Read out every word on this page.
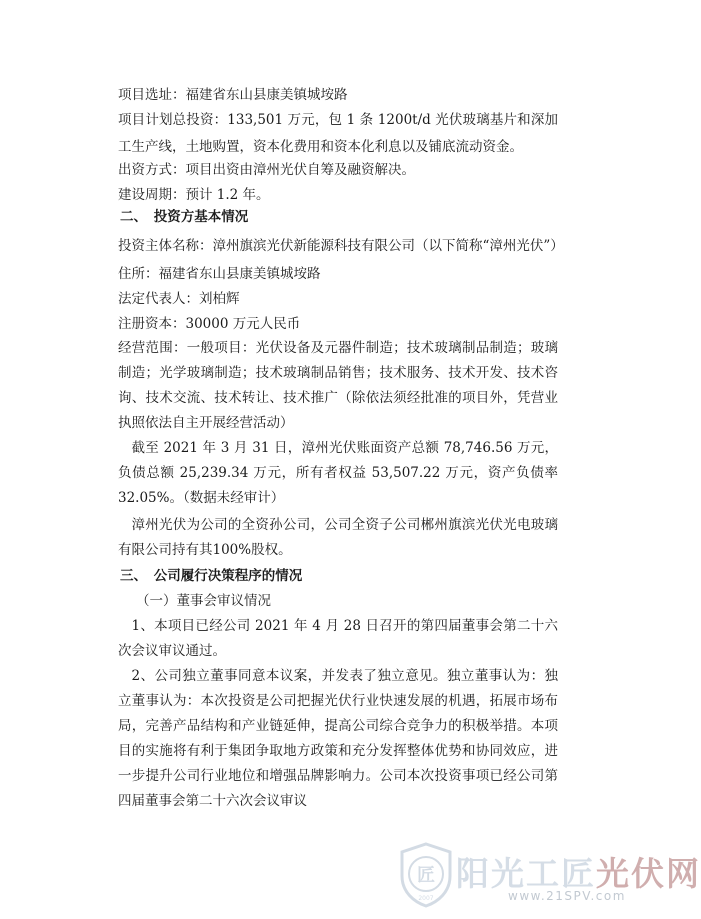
项目选址：福建省东山县康美镇城垵路

项目计划总投资：133,501 万元，包 1 条 1200t/d 光伏玻璃基片和深加工生产线，土地购置，资本化费用和资本化利息以及铺底流动资金。

出资方式：项目出资由漳州光伏自筹及融资解决。

建设周期：预计 1.2 年。

二、　投资方基本情况

投资主体名称：漳州旗滨光伏新能源科技有限公司（以下简称“漳州光伏”）

住所：福建省东山县康美镇城垵路

法定代表人：刘柏辉

注册资本：30000 万元人民币

经营范围：一般项目：光伏设备及元器件制造；技术玻璃制品制造；玻璃制造；光学玻璃制造；技术玻璃制品销售；技术服务、技术开发、技术咨询、技术交流、技术转让、技术推广（除依法须经批准的项目外，凭营业执照依法自主开展经营活动）

截至 2021 年 3 月 31 日，漳州光伏账面资产总额 78,746.56 万元，负债总额 25,239.34 万元，所有者权益 53,507.22 万元，资产负债率 32.05%。（数据未经审计）

漳州光伏为公司的全资孙公司，公司全资子公司郴州旗滨光伏光电玻璃有限公司持有其100%股权。

三、　公司履行决策程序的情况

（一）董事会审议情况

1、本项目已经公司 2021 年 4 月 28 日召开的第四届董事会第二十六次会议审议通过。

2、公司独立董事同意本议案，并发表了独立意见。独立董事认为：独立董事认为：本次投资是公司把握光伏行业快速发展的机遇，拓展市场布局，完善产品结构和产业链延伸，提高公司综合竞争力的积极举措。本项目的实施将有利于集团争取地方政策和充分发挥整体优势和协同效应，进一步提升公司行业地位和增强品牌影响力。公司本次投资事项已经公司第四届董事会第二十六次会议审议

匠
2007
阳光工匠光伏网
www.21SPV.com
